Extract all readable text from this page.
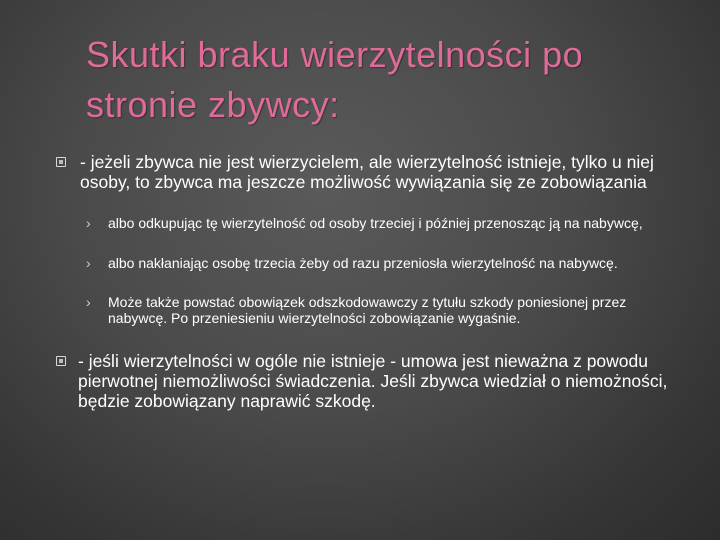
Skutki braku wierzytelności po stronie zbywcy:
- jeżeli zbywca nie jest wierzycielem, ale wierzytelność istnieje, tylko u niej osoby, to zbywca ma jeszcze możliwość wywiązania się ze zobowiązania
› albo odkupując tę wierzytelność od osoby trzeciej i później przenosząc ją na nabywcę,
› albo nakłaniając osobę trzecia żeby od razu przeniosła wierzytelność na nabywcę.
› Może także powstać obowiązek odszkodowawczy z tytułu szkody poniesionej przez nabywcę. Po przeniesieniu wierzytelności zobowiązanie wygaśnie.
- jeśli wierzytelności w ogóle nie istnieje - umowa jest nieważna z powodu pierwotnej niemożliwości świadczenia. Jeśli zbywca wiedział o niemożności, będzie zobowiązany naprawić szkodę.
